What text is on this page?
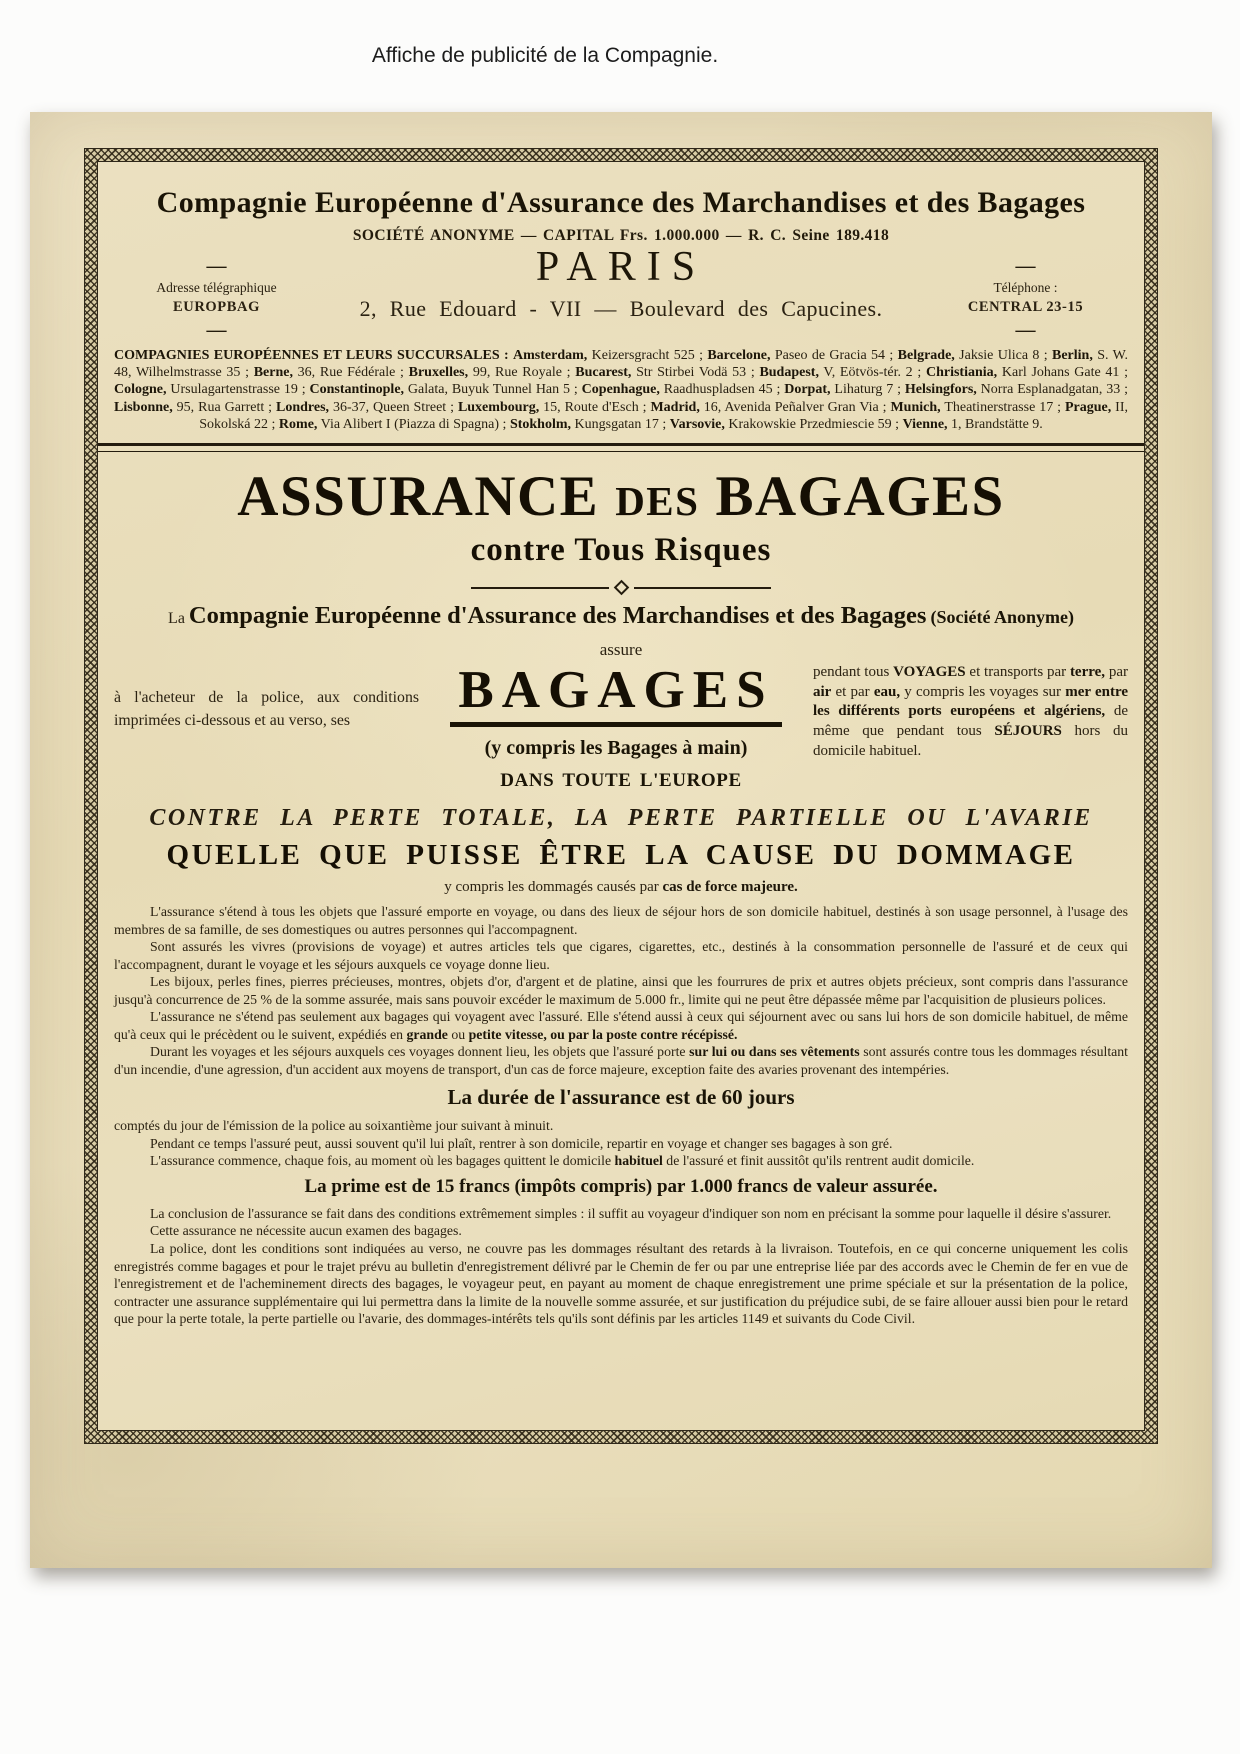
Affiche de publicité de la Compagnie.
Compagnie Européenne d'Assurance des Marchandises et des Bagages
SOCIÉTÉ ANONYME — CAPITAL Frs. 1.000.000 — R. C. Seine 189.418
—
Adresse télégraphique
EUROPBAG
—
PARIS
2, Rue Edouard - VII — Boulevard des Capucines.
—
Téléphone :
CENTRAL 23-15
—

COMPAGNIES EUROPÉENNES ET LEURS SUCCURSALES : Amsterdam, Keizersgracht 525 ; Barcelone, Paseo de Gracia 54 ; Belgrade, Jaksie Ulica 8 ; Berlin, S. W. 48, Wilhelmstrasse 35 ; Berne, 36, Rue Fédérale ; Bruxelles, 99, Rue Royale ; Bucarest, Str Stirbei Vodä 53 ; Budapest, V, Eötvös-tér. 2 ; Christiania, Karl Johans Gate 41 ; Cologne, Ursulagartenstrasse 19 ; Constantinople, Galata, Buyuk Tunnel Han 5 ; Copenhague, Raadhuspladsen 45 ; Dorpat, Lihaturg 7 ; Helsingfors, Norra Esplanadgatan, 33 ; Lisbonne, 95, Rua Garrett ; Londres, 36-37, Queen Street ; Luxembourg, 15, Route d'Esch ; Madrid, 16, Avenida Peñalver Gran Via ; Munich, Theatinerstrasse 17 ; Prague, II, Sokolská 22 ; Rome, Via Alibert I (Piazza di Spagna) ; Stokholm, Kungsgatan 17 ; Varsovie, Krakowskie Przedmiescie 59 ; Vienne, 1, Brandstätte 9.

ASSURANCE DES BAGAGES
contre Tous Risques
La Compagnie Européenne d'Assurance des Marchandises et des Bagages (Société Anonyme)
assure
à l'acheteur de la police, aux conditions imprimées ci-dessous et au verso, ses
BAGAGES
(y compris les Bagages à main)
pendant tous VOYAGES et transports par terre, par air et par eau, y compris les voyages sur mer entre les différents ports européens et algériens, de même que pendant tous SÉJOURS hors du domicile habituel.
DANS TOUTE L'EUROPE
CONTRE LA PERTE TOTALE, LA PERTE PARTIELLE OU L'AVARIE
QUELLE QUE PUISSE ÊTRE LA CAUSE DU DOMMAGE
y compris les dommagés causés par cas de force majeure.

L'assurance s'étend à tous les objets que l'assuré emporte en voyage, ou dans des lieux de séjour hors de son domicile habituel, destinés à son usage personnel, à l'usage des membres de sa famille, de ses domestiques ou autres personnes qui l'accompagnent.

Sont assurés les vivres (provisions de voyage) et autres articles tels que cigares, cigarettes, etc., destinés à la consommation personnelle de l'assuré et de ceux qui l'accompagnent, durant le voyage et les séjours auxquels ce voyage donne lieu.

Les bijoux, perles fines, pierres précieuses, montres, objets d'or, d'argent et de platine, ainsi que les fourrures de prix et autres objets précieux, sont compris dans l'assurance jusqu'à concurrence de 25 % de la somme assurée, mais sans pouvoir excéder le maximum de 5.000 fr., limite qui ne peut être dépassée même par l'acquisition de plusieurs polices.

L'assurance ne s'étend pas seulement aux bagages qui voyagent avec l'assuré. Elle s'étend aussi à ceux qui séjournent avec ou sans lui hors de son domicile habituel, de même qu'à ceux qui le précèdent ou le suivent, expédiés en grande ou petite vitesse, ou par la poste contre récépissé.

Durant les voyages et les séjours auxquels ces voyages donnent lieu, les objets que l'assuré porte sur lui ou dans ses vêtements sont assurés contre tous les dommages résultant d'un incendie, d'une agression, d'un accident aux moyens de transport, d'un cas de force majeure, exception faite des avaries provenant des intempéries.

La durée de l'assurance est de 60 jours

comptés du jour de l'émission de la police au soixantième jour suivant à minuit.

Pendant ce temps l'assuré peut, aussi souvent qu'il lui plaît, rentrer à son domicile, repartir en voyage et changer ses bagages à son gré.

L'assurance commence, chaque fois, au moment où les bagages quittent le domicile habituel de l'assuré et finit aussitôt qu'ils rentrent audit domicile.

La prime est de 15 francs (impôts compris) par 1.000 francs de valeur assurée.

La conclusion de l'assurance se fait dans des conditions extrêmement simples : il suffit au voyageur d'indiquer son nom en précisant la somme pour laquelle il désire s'assurer.

Cette assurance ne nécessite aucun examen des bagages.

La police, dont les conditions sont indiquées au verso, ne couvre pas les dommages résultant des retards à la livraison. Toutefois, en ce qui concerne uniquement les colis enregistrés comme bagages et pour le trajet prévu au bulletin d'enregistrement délivré par le Chemin de fer ou par une entreprise liée par des accords avec le Chemin de fer en vue de l'enregistrement et de l'acheminement directs des bagages, le voyageur peut, en payant au moment de chaque enregistrement une prime spéciale et sur la présentation de la police, contracter une assurance supplémentaire qui lui permettra dans la limite de la nouvelle somme assurée, et sur justification du préjudice subi, de se faire allouer aussi bien pour le retard que pour la perte totale, la perte partielle ou l'avarie, des dommages-intérêts tels qu'ils sont définis par les articles 1149 et suivants du Code Civil.
